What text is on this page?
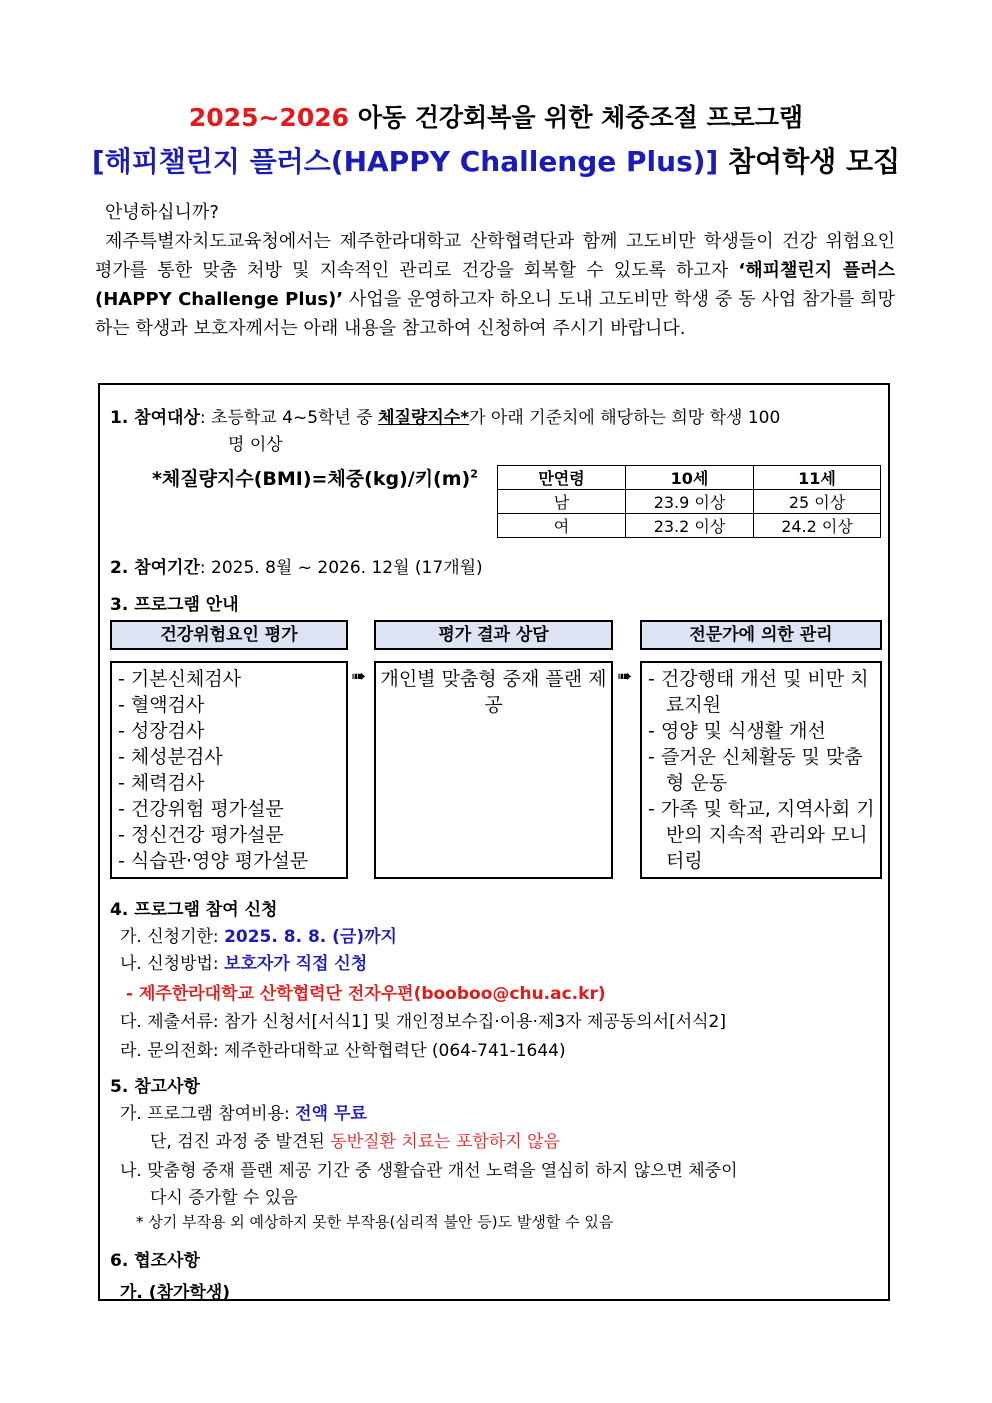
2025~2026 아동 건강회복을 위한 체중조절 프로그램
[해피챌린지 플러스(HAPPY Challenge Plus)] 참여학생 모집

안녕하십니까?

제주특별자치도교육청에서는 제주한라대학교 산학협력단과 함께 고도비만 학생들이 건강 위험요인 평가를 통한 맞춤 처방 및 지속적인 관리로 건강을 회복할 수 있도록 하고자 ‘해피챌린지 플러스 (HAPPY Challenge Plus)’ 사업을 운영하고자 하오니 도내 고도비만 학생 중 동 사업 참가를 희망하는 학생과 보호자께서는 아래 내용을 참고하여 신청하여 주시기 바랍니다.

1. 참여대상: 초등학교 4~5학년 중 체질량지수*가 아래 기준치에 해당하는 희망 학생 100
명 이상
*체질량지수(BMI)=체중(kg)/키$(m)^2$	만연령	10세	11세
남	23.9 이상	25 이상
여	23.2 이상	24.2 이상
2. 참여기간: 2025. 8월 ~ 2026. 12월 (17개월)
3. 프로그램 안내
건강위험요인 평가	평가 결과 상담	전문가에 의한 관리
- 기본신체검사
- 혈액검사
- 성장검사
- 체성분검사
- 체력검사
- 건강위험 평가설문
- 정신건강 평가설문
- 식습관·영양 평가설문
➠ 개인별 맞춤형 중재 플랜 제공
➠ - 건강행태 개선 및 비만 치료지원
- 영양 및 식생활 개선
- 즐거운 신체활동 및 맞춤형 운동
- 가족 및 학교, 지역사회 기반의 지속적 관리와 모니터링
4. 프로그램 참여 신청
가. 신청기한: 2025. 8. 8. (금)까지
나. 신청방법: 보호자가 직접 신청
- 제주한라대학교 산학협력단 전자우편(booboo@chu.ac.kr)
다. 제출서류: 참가 신청서[서식1] 및 개인정보수집·이용·제3자 제공동의서[서식2]
라. 문의전화: 제주한라대학교 산학협력단 (064-741-1644)
5. 참고사항
가. 프로그램 참여비용: 전액 무료
단, 검진 과정 중 발견된 동반질환 치료는 포함하지 않음
나. 맞춤형 중재 플랜 제공 기간 중 생활습관 개선 노력을 열심히 하지 않으면 체중이
다시 증가할 수 있음
* 상기 부작용 외 예상하지 못한 부작용(심리적 불안 등)도 발생할 수 있음
6. 협조사항
가. (참가학생)
